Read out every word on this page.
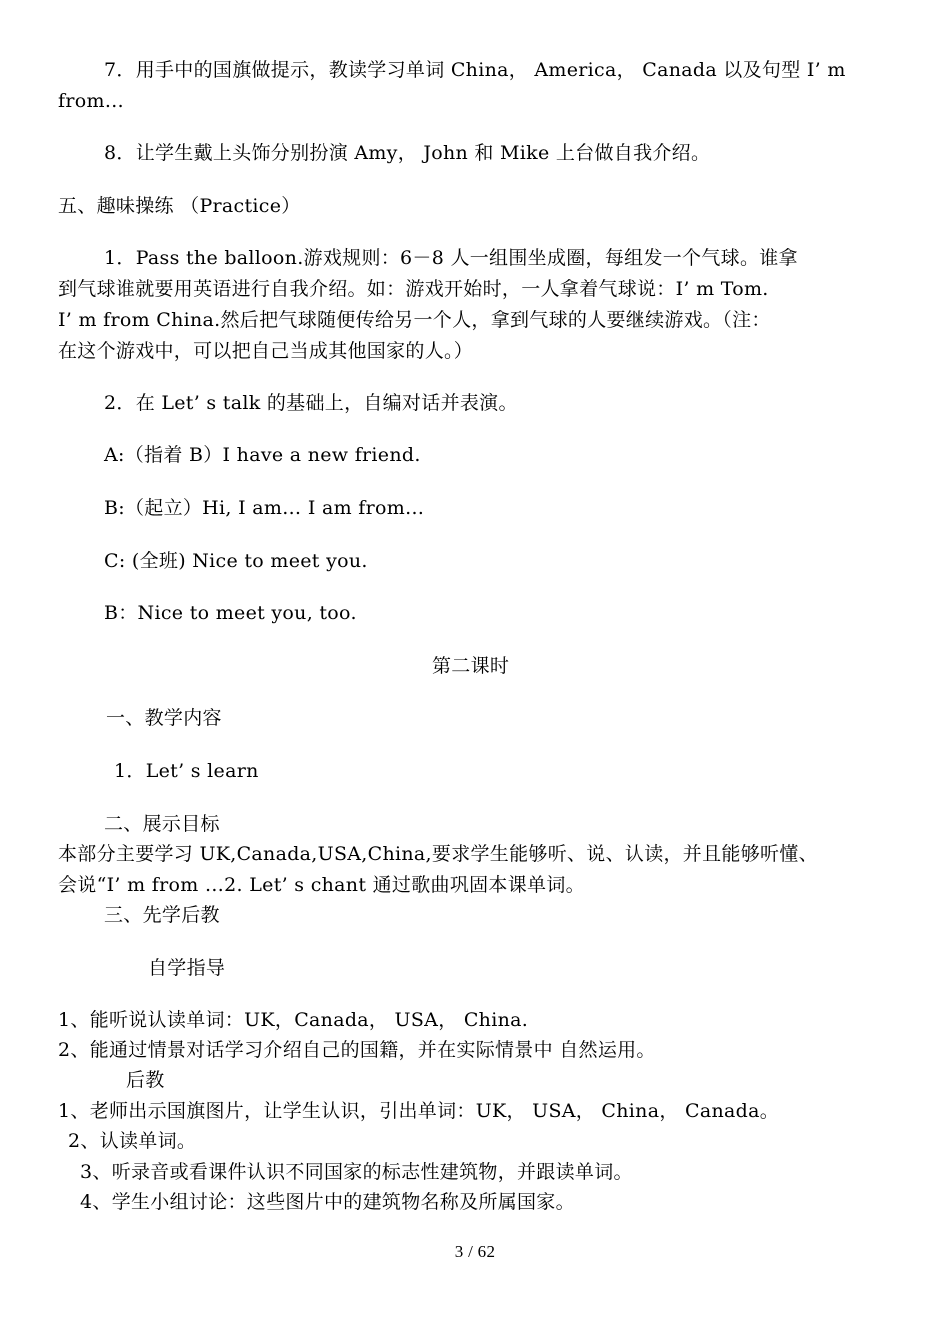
7．用手中的国旗做提示，教读学习单词 China， America， Canada 以及句型 I’ m
from…
8．让学生戴上头饰分别扮演 Amy， John 和 Mike 上台做自我介绍。
五、趣味操练 （Practice）
1．Pass the balloon.游戏规则：6－8 人一组围坐成圈，每组发一个气球。谁拿
到气球谁就要用英语进行自我介绍。如：游戏开始时，一人拿着气球说：I’ m Tom.
I’ m from China.然后把气球随便传给另一个人，拿到气球的人要继续游戏。（注：
在这个游戏中，可以把自己当成其他国家的人。）
2．在 Let’ s talk 的基础上，自编对话并表演。
A:（指着 B）I have a new friend.
B:（起立）Hi, I am… I am from…
C: (全班) Nice to meet you.
B：Nice to meet you, too.
第二课时
一、教学内容
1．Let’ s learn
二、展示目标
本部分主要学习 UK,Canada,USA,China,要求学生能够听、说、认读，并且能够听懂、
会说“I’ m from …2. Let’ s chant 通过歌曲巩固本课单词。
三、先学后教
自学指导
1、能听说认读单词：UK，Canada， USA， China.
2、能通过情景对话学习介绍自己的国籍，并在实际情景中 自然运用。
后教
1、老师出示国旗图片，让学生认识，引出单词：UK， USA， China， Canada。
2、认读单词。
3、听录音或看课件认识不同国家的标志性建筑物，并跟读单词。
4、学生小组讨论：这些图片中的建筑物名称及所属国家。
3 / 62
